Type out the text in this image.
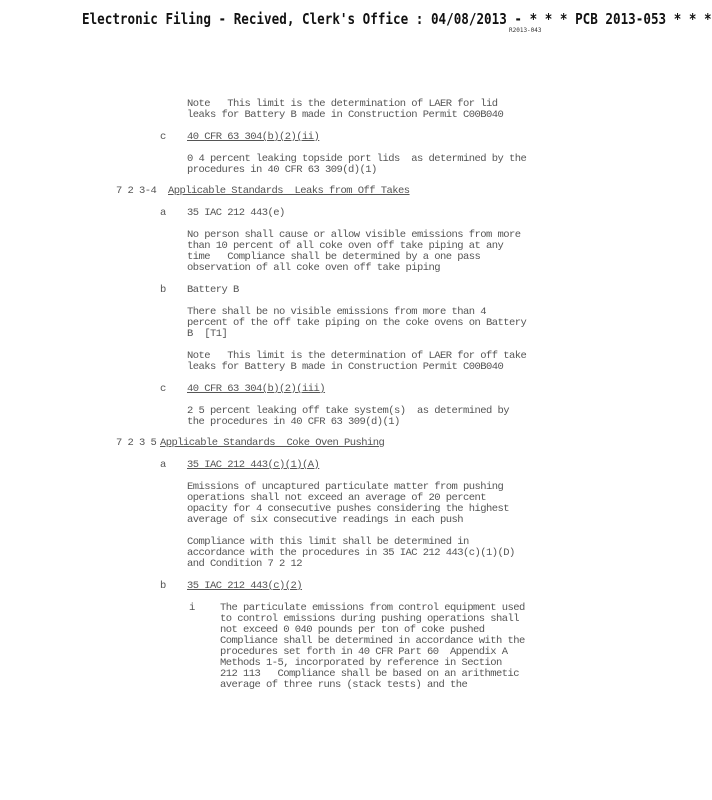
Electronic Filing - Recived, Clerk's Office : 04/08/2013 - * * * PCB 2013-053 * * *
R2013-043
Note   This limit is the determination of LAER for lid
leaks for Battery B made in Construction Permit C00B040
c 40 CFR 63 304(b)(2)(ii)
0 4 percent leaking topside port lids  as determined by the
procedures in 40 CFR 63 309(d)(1)
7 2 3-4 Applicable Standards  Leaks from Off Takes
a 35 IAC 212 443(e)
No person shall cause or allow visible emissions from more
than 10 percent of all coke oven off take piping at any
time   Compliance shall be determined by a one pass
observation of all coke oven off take piping
b Battery B
There shall be no visible emissions from more than 4
percent of the off take piping on the coke ovens on Battery
B  [T1]
Note   This limit is the determination of LAER for off take
leaks for Battery B made in Construction Permit C00B040
c 40 CFR 63 304(b)(2)(iii)
2 5 percent leaking off take system(s)  as determined by
the procedures in 40 CFR 63 309(d)(1)
7 2 3 5 Applicable Standards  Coke Oven Pushing
a 35 IAC 212 443(c)(1)(A)
Emissions of uncaptured particulate matter from pushing
operations shall not exceed an average of 20 percent
opacity for 4 consecutive pushes considering the highest
average of six consecutive readings in each push
Compliance with this limit shall be determined in
accordance with the procedures in 35 IAC 212 443(c)(1)(D)
and Condition 7 2 12
b 35 IAC 212 443(c)(2)
i The particulate emissions from control equipment used
to control emissions during pushing operations shall
not exceed 0 040 pounds per ton of coke pushed
Compliance shall be determined in accordance with the
procedures set forth in 40 CFR Part 60  Appendix A
Methods 1-5, incorporated by reference in Section
212 113   Compliance shall be based on an arithmetic
average of three runs (stack tests) and the
